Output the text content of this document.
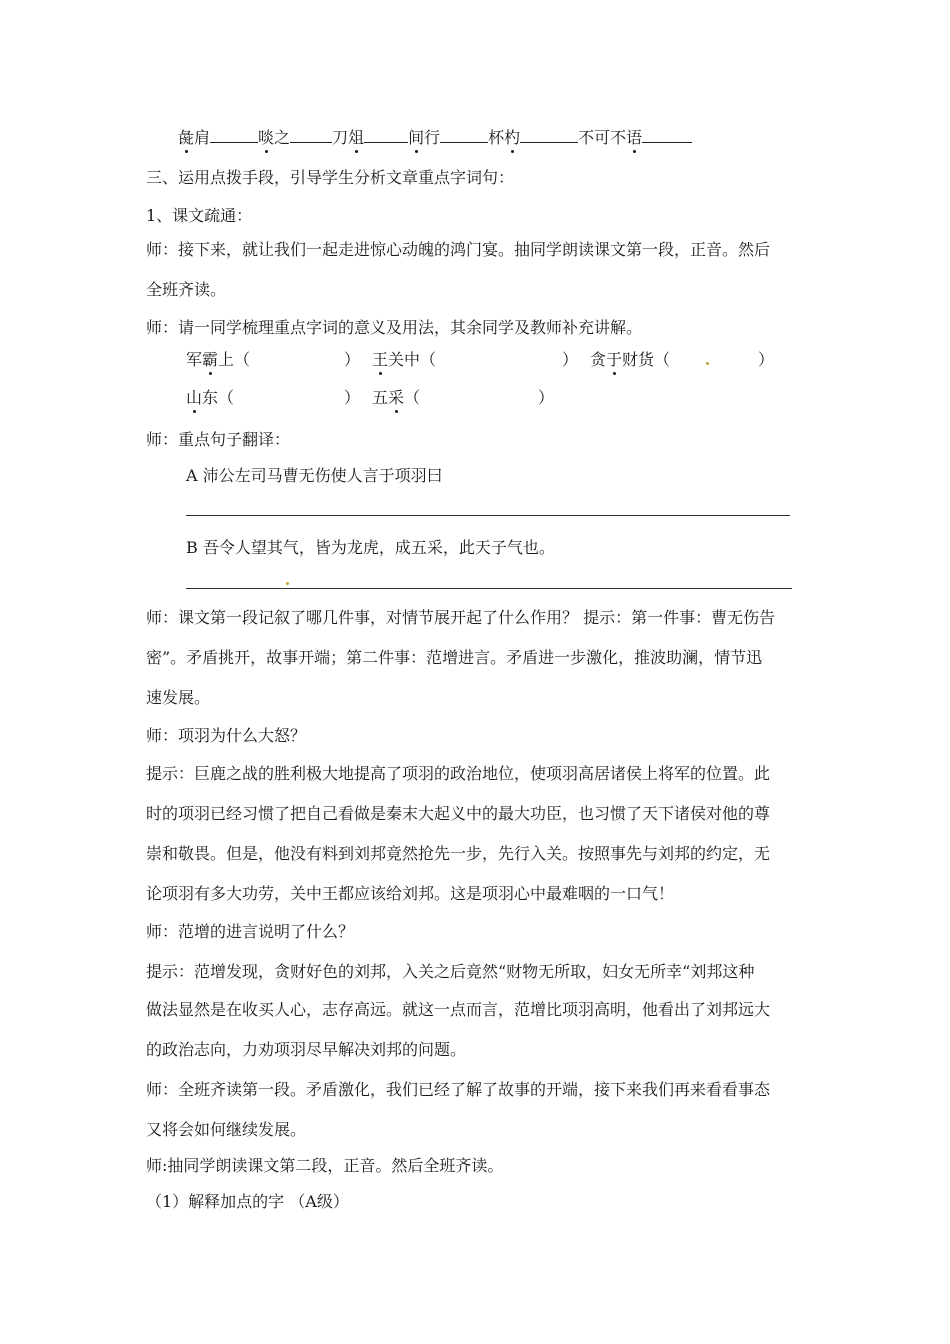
彘肩	啖之	刀俎	间行	杯杓	不可不语
三、运用点拨手段，引导学生分析文章重点字词句：
1、课文疏通：
师：接下来，就让我们一起走进惊心动魄的鸿门宴。抽同学朗读课文第一段，正音。然后
全班齐读。
师：请一同学梳理重点字词的意义及用法，其余同学及教师补充讲解。
军霸上（	） 王关中（	） 贪于财货（	）
山东（	） 五采（	）
师：重点句子翻译：
A 沛公左司马曹无伤使人言于项羽曰
B 吾令人望其气，皆为龙虎，成五采，此天子气也。
师：课文第一段记叙了哪几件事，对情节展开起了什么作用？ 提示：第一件事：曹无伤告
密”。矛盾挑开，故事开端；第二件事：范增进言。矛盾进一步激化，推波助澜，情节迅
速发展。
师：项羽为什么大怒？
提示：巨鹿之战的胜利极大地提高了项羽的政治地位，使项羽高居诸侯上将军的位置。此
时的项羽已经习惯了把自己看做是秦末大起义中的最大功臣，也习惯了天下诸侯对他的尊
崇和敬畏。但是，他没有料到刘邦竟然抢先一步，先行入关。按照事先与刘邦的约定，无
论项羽有多大功劳，关中王都应该给刘邦。这是项羽心中最难咽的一口气！
师：范增的进言说明了什么？
提示：范增发现，贪财好色的刘邦，入关之后竟然“财物无所取，妇女无所幸“刘邦这种
做法显然是在收买人心，志存高远。就这一点而言，范增比项羽高明，他看出了刘邦远大
的政治志向，力劝项羽尽早解决刘邦的问题。
师：全班齐读第一段。矛盾激化，我们已经了解了故事的开端，接下来我们再来看看事态
又将会如何继续发展。
师:抽同学朗读课文第二段，正音。然后全班齐读。
（1）解释加点的字 （A级）
